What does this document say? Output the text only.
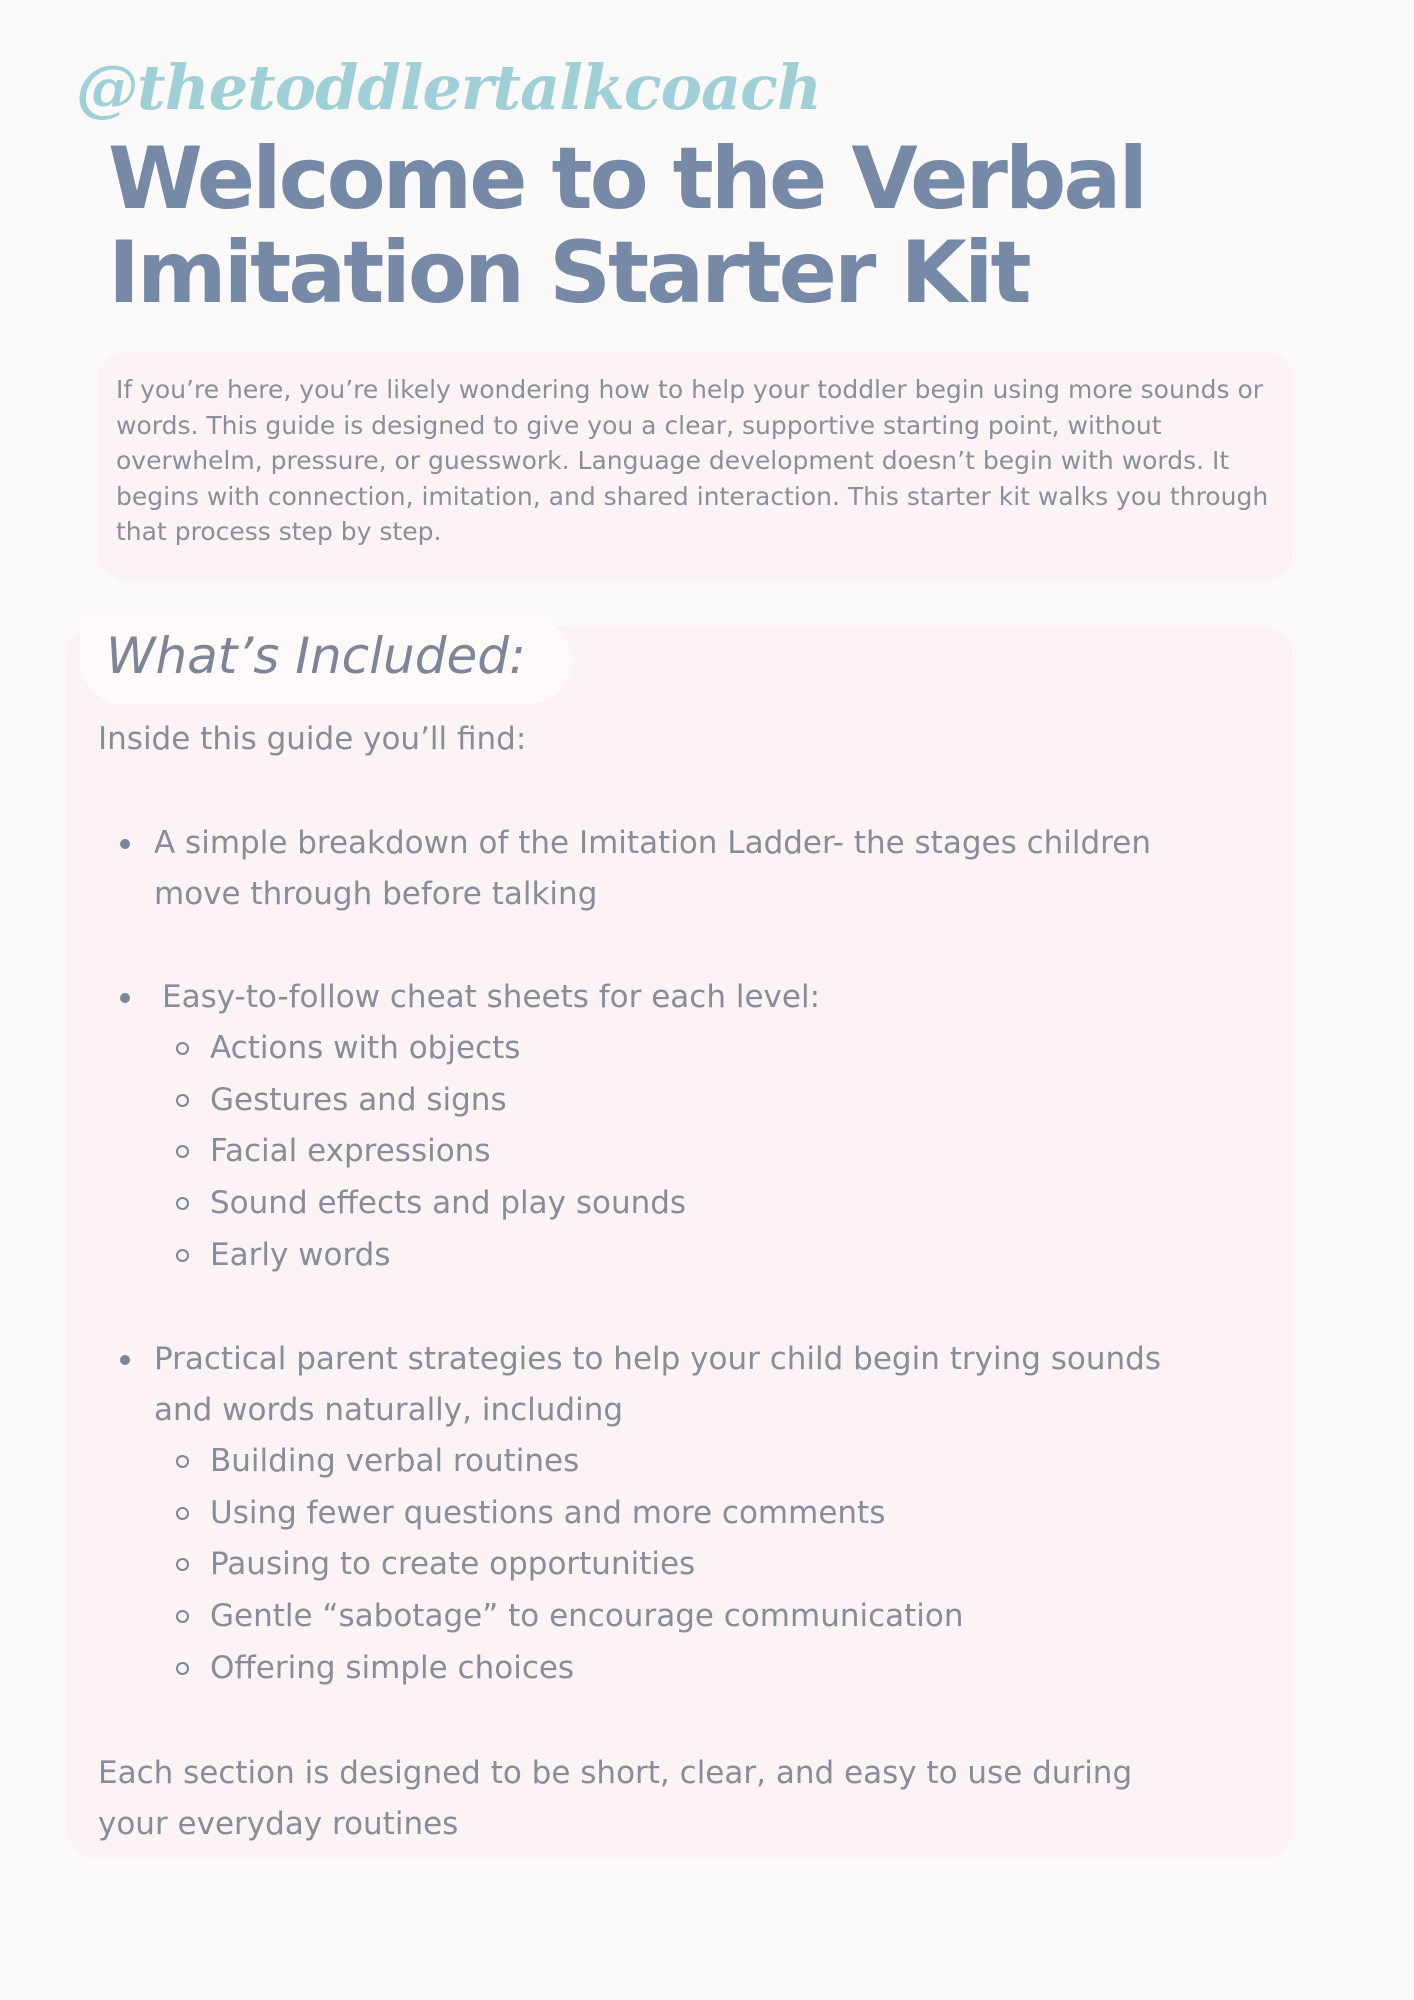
@thetoddlertalkcoach
Welcome to the Verbal
Imitation Starter Kit

If you’re here, you’re likely wondering how to help your toddler begin using more sounds or words. This guide is designed to give you a clear, supportive starting point, without overwhelm, pressure, or guesswork. Language development doesn’t begin with words. It begins with connection, imitation, and shared interaction. This starter kit walks you through that process step by step.

What’s Included:

Inside this guide you’ll find:

A simple breakdown of the Imitation Ladder- the stages children move through before talking
Easy-to-follow cheat sheets for each level:
Actions with objects
Gestures and signs
Facial expressions
Sound effects and play sounds
Early words
Practical parent strategies to help your child begin trying sounds and words naturally, including
Building verbal routines
Using fewer questions and more comments
Pausing to create opportunities
Gentle “sabotage” to encourage communication
Offering simple choices

Each section is designed to be short, clear, and easy to use during your everyday routines
